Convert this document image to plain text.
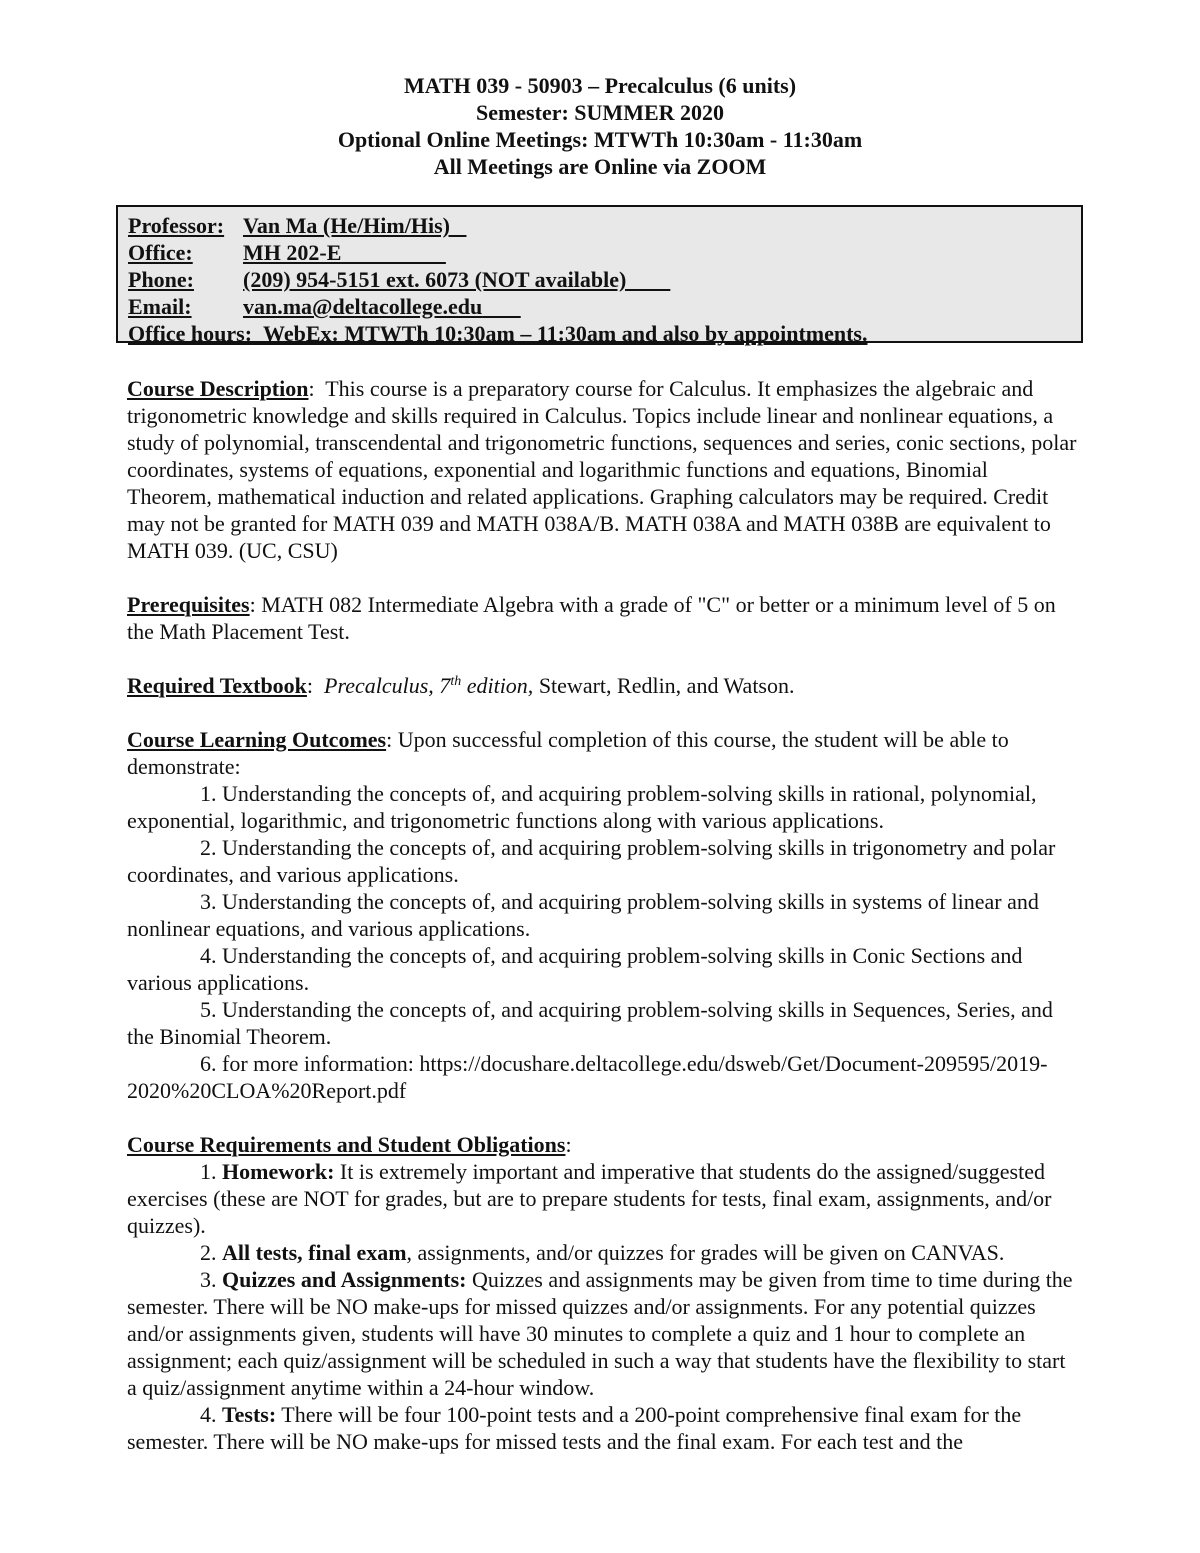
MATH 039 - 50903 – Precalculus (6 units)
Semester: SUMMER 2020
Optional Online Meetings: MTWTh 10:30am - 11:30am
All Meetings are Online via ZOOM
Professor: Van Ma (He/Him/His)
Office: MH 202-E
Phone: (209) 954-5151 ext. 6073 (NOT available)
Email: van.ma@deltacollege.edu
Office hours: WebEx: MTWTh 10:30am – 11:30am and also by appointments.

Course Description:  This course is a preparatory course for Calculus. It emphasizes the algebraic and trigonometric knowledge and skills required in Calculus. Topics include linear and nonlinear equations, a study of polynomial, transcendental and trigonometric functions, sequences and series, conic sections, polar coordinates, systems of equations, exponential and logarithmic functions and equations, Binomial Theorem, mathematical induction and related applications. Graphing calculators may be required. Credit may not be granted for MATH 039 and MATH 038A/B. MATH 038A and MATH 038B are equivalent to MATH 039. (UC, CSU)

Prerequisites: MATH 082 Intermediate Algebra with a grade of "C" or better or a minimum level of 5 on the Math Placement Test.

Required Textbook:  Precalculus, 7th edition, Stewart, Redlin, and Watson.

Course Learning Outcomes: Upon successful completion of this course, the student will be able to demonstrate:
1. Understanding the concepts of, and acquiring problem-solving skills in rational, polynomial, exponential, logarithmic, and trigonometric functions along with various applications.
2. Understanding the concepts of, and acquiring problem-solving skills in trigonometry and polar coordinates, and various applications.
3. Understanding the concepts of, and acquiring problem-solving skills in systems of linear and nonlinear equations, and various applications.
4. Understanding the concepts of, and acquiring problem-solving skills in Conic Sections and various applications.
5. Understanding the concepts of, and acquiring problem-solving skills in Sequences, Series, and the Binomial Theorem.
6. for more information: https://docushare.deltacollege.edu/dsweb/Get/Document-209595/2019-2020%20CLOA%20Report.pdf
Course Requirements and Student Obligations:
1. Homework: It is extremely important and imperative that students do the assigned/suggested exercises (these are NOT for grades, but are to prepare students for tests, final exam, assignments, and/or quizzes).
2. All tests, final exam, assignments, and/or quizzes for grades will be given on CANVAS.
3. Quizzes and Assignments: Quizzes and assignments may be given from time to time during the semester. There will be NO make-ups for missed quizzes and/or assignments. For any potential quizzes and/or assignments given, students will have 30 minutes to complete a quiz and 1 hour to complete an assignment; each quiz/assignment will be scheduled in such a way that students have the flexibility to start a quiz/assignment anytime within a 24-hour window.
4. Tests: There will be four 100-point tests and a 200-point comprehensive final exam for the semester. There will be NO make-ups for missed tests and the final exam. For each test and the
